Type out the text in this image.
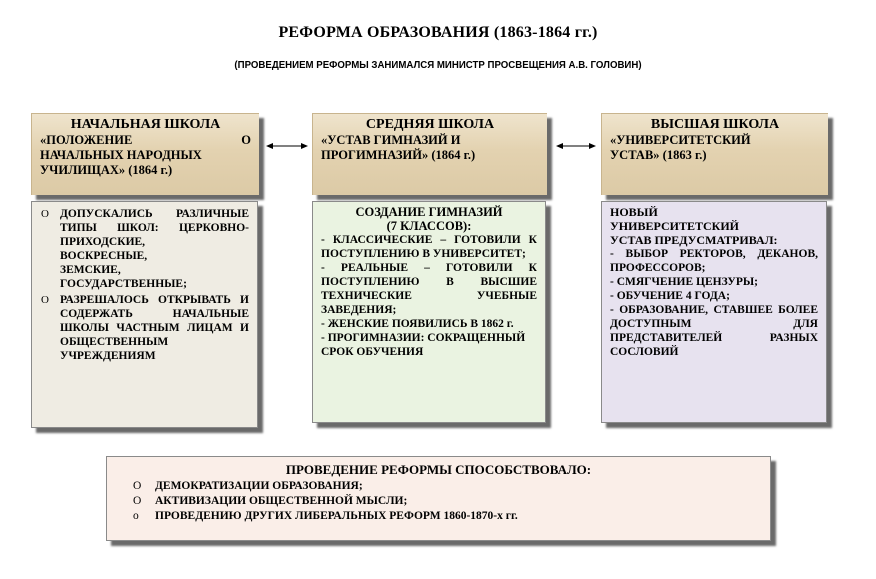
РЕФОРМА ОБРАЗОВАНИЯ (1863-1864 гг.)
(ПРОВЕДЕНИЕМ РЕФОРМЫ ЗАНИМАЛСЯ МИНИСТР ПРОСВЕЩЕНИЯ А.В. ГОЛОВИН)
НАЧАЛЬНАЯ ШКОЛА
«ПОЛОЖЕНИЕ О
НАЧАЛЬНЫХ НАРОДНЫХ
УЧИЛИЩАХ» (1864 г.)
СРЕДНЯЯ ШКОЛА
«УСТАВ ГИМНАЗИЙ И
ПРОГИМНАЗИЙ» (1864 г.)
ВЫСШАЯ ШКОЛА
«УНИВЕРСИТЕТСКИЙ
УСТАВ» (1863 г.)
O ДОПУСКАЛИСЬ РАЗЛИЧНЫЕ ТИПЫ ШКОЛ: ЦЕРКОВНО-ПРИХОДСКИЕ,
ВОСКРЕСНЫЕ,
ЗЕМСКИЕ,
ГОСУДАРСТВЕННЫЕ;
O РАЗРЕШАЛОСЬ ОТКРЫВАТЬ И СОДЕРЖАТЬ НАЧАЛЬНЫЕ ШКОЛЫ ЧАСТНЫМ ЛИЦАМ И ОБЩЕСТВЕННЫМ УЧРЕЖДЕНИЯМ
СОЗДАНИЕ ГИМНАЗИЙ
(7 КЛАССОВ):
- КЛАССИЧЕСКИЕ – ГОТОВИЛИ К ПОСТУПЛЕНИЮ В УНИВЕРСИТЕТ;
- РЕАЛЬНЫЕ – ГОТОВИЛИ К ПОСТУПЛЕНИЮ В ВЫСШИЕ ТЕХНИЧЕСКИЕ УЧЕБНЫЕ ЗАВЕДЕНИЯ;
- ЖЕНСКИЕ ПОЯВИЛИСЬ В 1862 г.
- ПРОГИМНАЗИИ: СОКРАЩЕННЫЙ СРОК ОБУЧЕНИЯ
НОВЫЙ
УНИВЕРСИТЕТСКИЙ
УСТАВ ПРЕДУСМАТРИВАЛ:
- ВЫБОР РЕКТОРОВ, ДЕКАНОВ, ПРОФЕССОРОВ;
- СМЯГЧЕНИЕ ЦЕНЗУРЫ;
- ОБУЧЕНИЕ 4 ГОДА;
- ОБРАЗОВАНИЕ, СТАВШЕЕ БОЛЕЕ ДОСТУПНЫМ ДЛЯ ПРЕДСТАВИТЕЛЕЙ РАЗНЫХ СОСЛОВИЙ
ПРОВЕДЕНИЕ РЕФОРМЫ СПОСОБСТВОВАЛО:
O ДЕМОКРАТИЗАЦИИ ОБРАЗОВАНИЯ;
O АКТИВИЗАЦИИ ОБЩЕСТВЕННОЙ МЫСЛИ;
o ПРОВЕДЕНИЮ ДРУГИХ ЛИБЕРАЛЬНЫХ РЕФОРМ 1860-1870-х гг.
